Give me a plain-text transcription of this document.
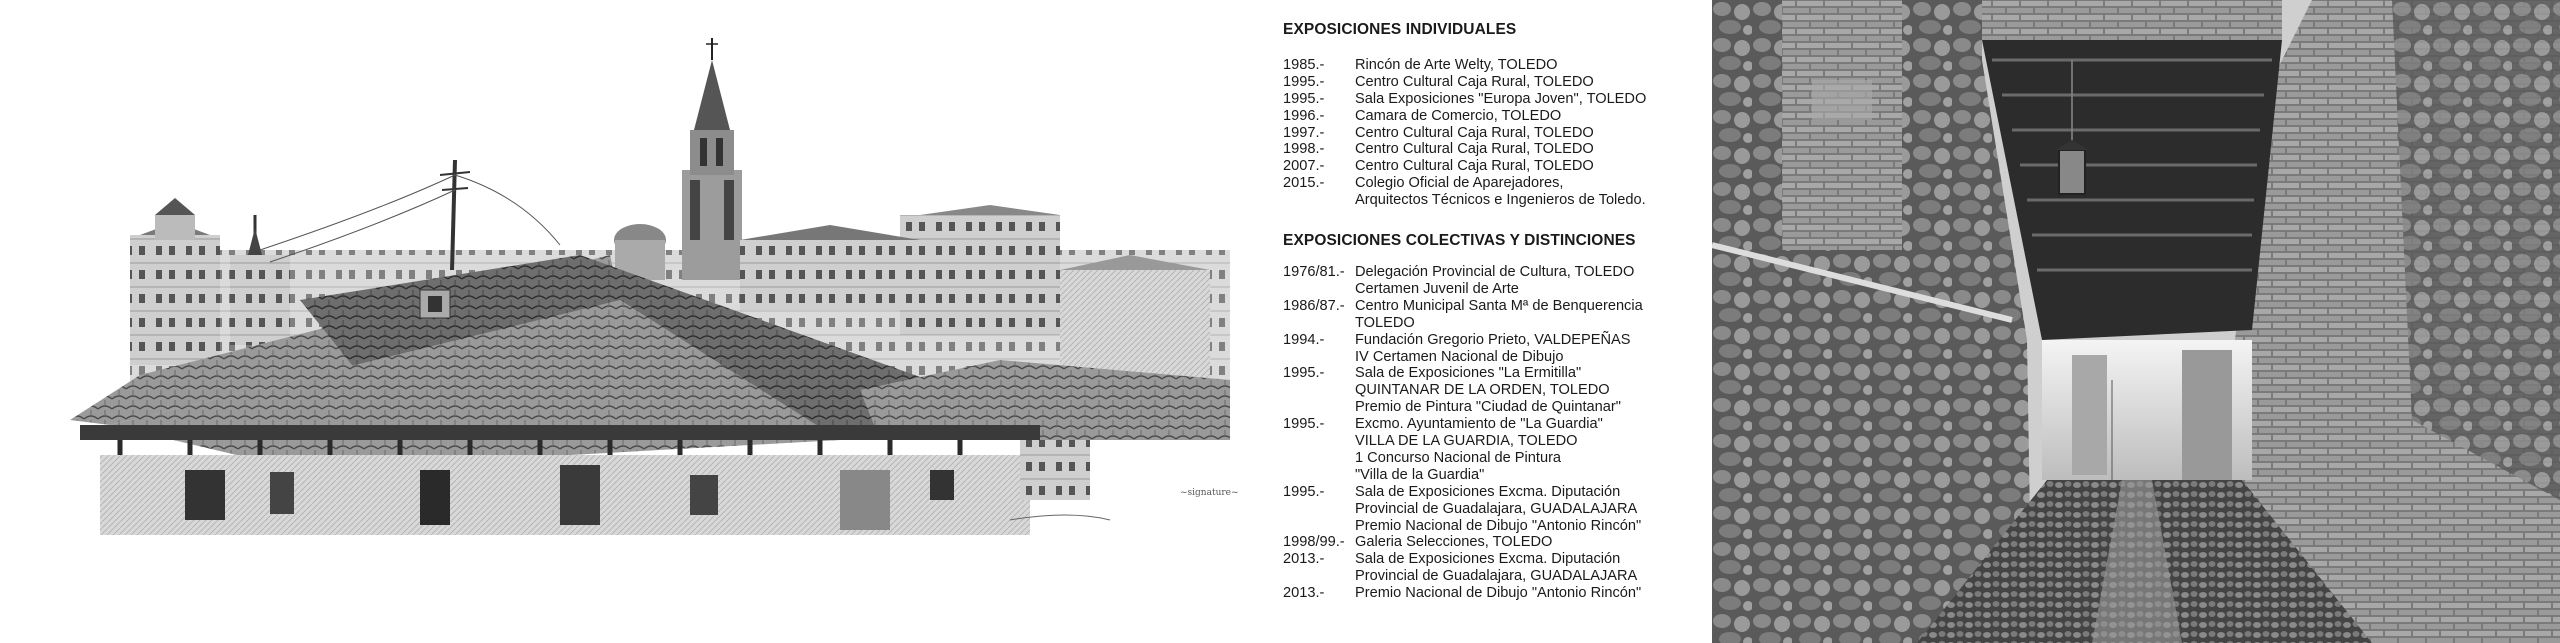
~signature~
EXPOSICIONES INDIVIDUALES
1985.-	Rincón de Arte Welty, TOLEDO
1995.-	Centro Cultural Caja Rural, TOLEDO
1995.-	Sala Exposiciones "Europa Joven", TOLEDO
1996.-	Camara de Comercio, TOLEDO
1997.-	Centro Cultural Caja Rural, TOLEDO
1998.-	Centro Cultural Caja Rural, TOLEDO
2007.-	Centro Cultural Caja Rural, TOLEDO
2015.-	Colegio Oficial de Aparejadores,
Arquitectos Técnicos e Ingenieros de Toledo.
EXPOSICIONES COLECTIVAS Y DISTINCIONES
1976/81.- Delegación Provincial de Cultura, TOLEDO
Certamen Juvenil de Arte
1986/87.- Centro Municipal Santa Mª de Benquerencia
TOLEDO
1994.-	Fundación Gregorio Prieto, VALDEPEÑAS
IV Certamen Nacional de Dibujo
1995.-	Sala de Exposiciones "La Ermitilla"
QUINTANAR DE LA ORDEN, TOLEDO
Premio de Pintura "Ciudad de Quintanar"
1995.-	Excmo. Ayuntamiento de "La Guardia"
VILLA DE LA GUARDIA, TOLEDO
1 Concurso Nacional de Pintura
"Villa de la Guardia"
1995.-	Sala de Exposiciones Excma. Diputación
Provincial de Guadalajara, GUADALAJARA
Premio Nacional de Dibujo "Antonio Rincón"
1998/99.- Galeria Selecciones, TOLEDO
2013.-	Sala de Exposiciones Excma. Diputación
Provincial de Guadalajara, GUADALAJARA
2013.-	Premio Nacional de Dibujo "Antonio Rincón"
